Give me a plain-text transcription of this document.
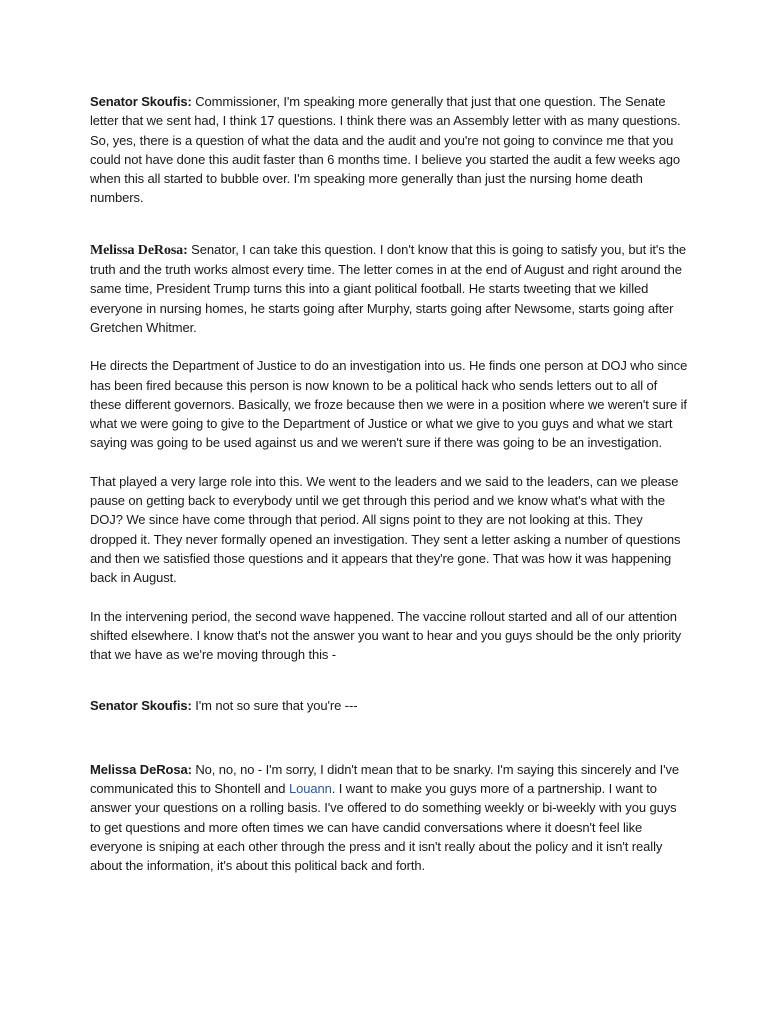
Senator Skoufis: Commissioner, I'm speaking more generally that just that one question. The Senate letter that we sent had, I think 17 questions. I think there was an Assembly letter with as many questions. So, yes, there is a question of what the data and the audit and you're not going to convince me that you could not have done this audit faster than 6 months time. I believe you started the audit a few weeks ago when this all started to bubble over. I'm speaking more generally than just the nursing home death numbers.

Melissa DeRosa: Senator, I can take this question. I don't know that this is going to satisfy you, but it's the truth and the truth works almost every time. The letter comes in at the end of August and right around the same time, President Trump turns this into a giant political football. He starts tweeting that we killed everyone in nursing homes, he starts going after Murphy, starts going after Newsome, starts going after Gretchen Whitmer.

He directs the Department of Justice to do an investigation into us. He finds one person at DOJ who since has been fired because this person is now known to be a political hack who sends letters out to all of these different governors. Basically, we froze because then we were in a position where we weren't sure if what we were going to give to the Department of Justice or what we give to you guys and what we start saying was going to be used against us and we weren't sure if there was going to be an investigation.

That played a very large role into this. We went to the leaders and we said to the leaders, can we please pause on getting back to everybody until we get through this period and we know what's what with the DOJ? We since have come through that period. All signs point to they are not looking at this. They dropped it. They never formally opened an investigation. They sent a letter asking a number of questions and then we satisfied those questions and it appears that they're gone. That was how it was happening back in August.

In the intervening period, the second wave happened. The vaccine rollout started and all of our attention shifted elsewhere. I know that's not the answer you want to hear and you guys should be the only priority that we have as we're moving through this -

Senator Skoufis: I'm not so sure that you're ---

Melissa DeRosa: No, no, no - I'm sorry, I didn't mean that to be snarky. I'm saying this sincerely and I've communicated this to Shontell and Louann. I want to make you guys more of a partnership. I want to answer your questions on a rolling basis. I've offered to do something weekly or bi-weekly with you guys to get questions and more often times we can have candid conversations where it doesn't feel like everyone is sniping at each other through the press and it isn't really about the policy and it isn't really about the information, it's about this political back and forth.
